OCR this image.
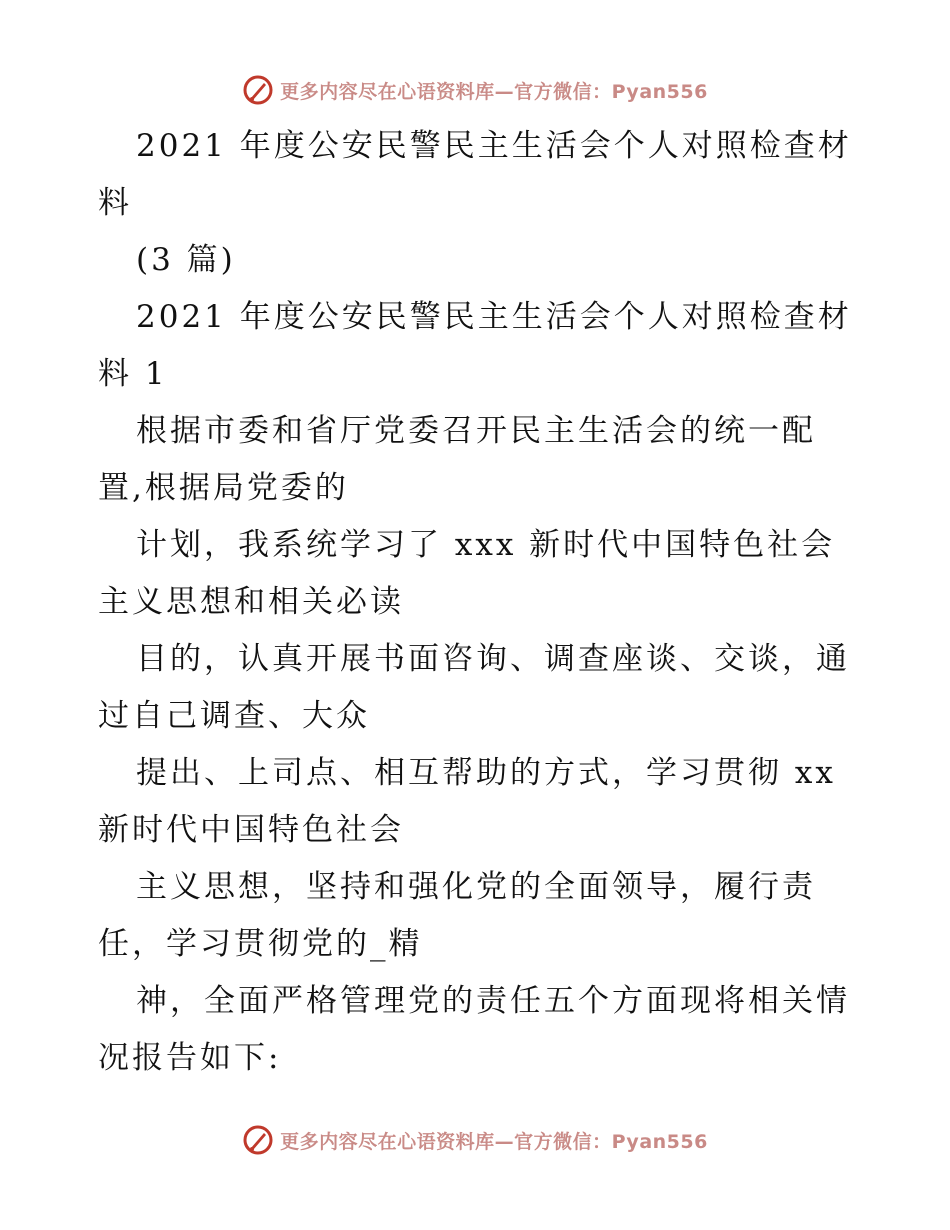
更多内容尽在心语资料库—官方微信：Pyan556

2021 年度公安民警民主生活会个人对照检查材料

(3 篇)

2021 年度公安民警民主生活会个人对照检查材料 1

根据市委和省厅党委召开民主生活会的统一配置,根据局党委的

计划，我系统学习了 xxx 新时代中国特色社会主义思想和相关必读

目的，认真开展书面咨询、调查座谈、交谈，通过自己调查、大众

提出、上司点、相互帮助的方式，学习贯彻 xx 新时代中国特色社会

主义思想，坚持和强化党的全面领导，履行责任，学习贯彻党的_精

神，全面严格管理党的责任五个方面现将相关情况报告如下:

更多内容尽在心语资料库—官方微信：Pyan556
